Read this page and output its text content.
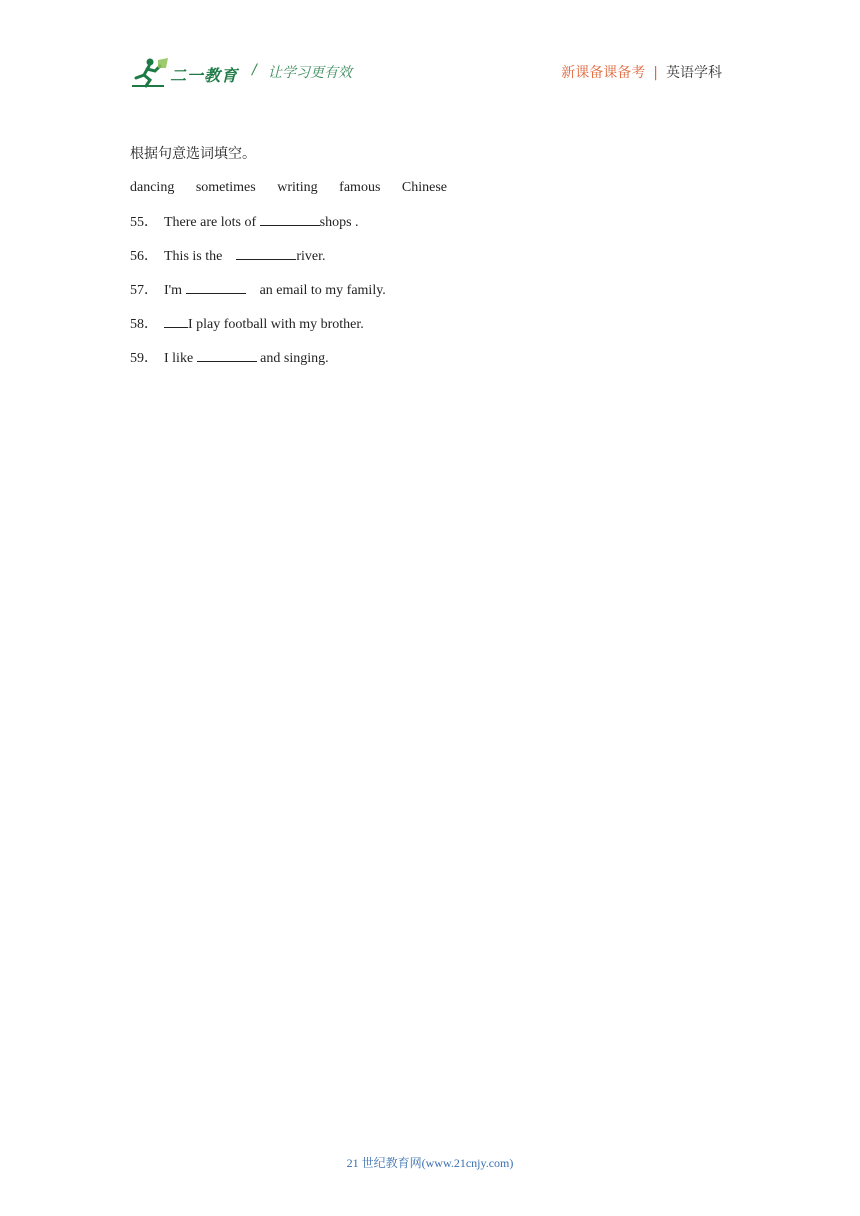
二一教育 / 让学习更有效	新课备课备考 | 英语学科
根据句意选词填空。
dancing sometimes writing famous Chinese
55． There are lots of	shops .
56． This is the	river.
57． I'm	an email to my family.
58． I play football with my brother.
59． I like	and singing.
21 世纪教育网(www.21cnjy.com)
